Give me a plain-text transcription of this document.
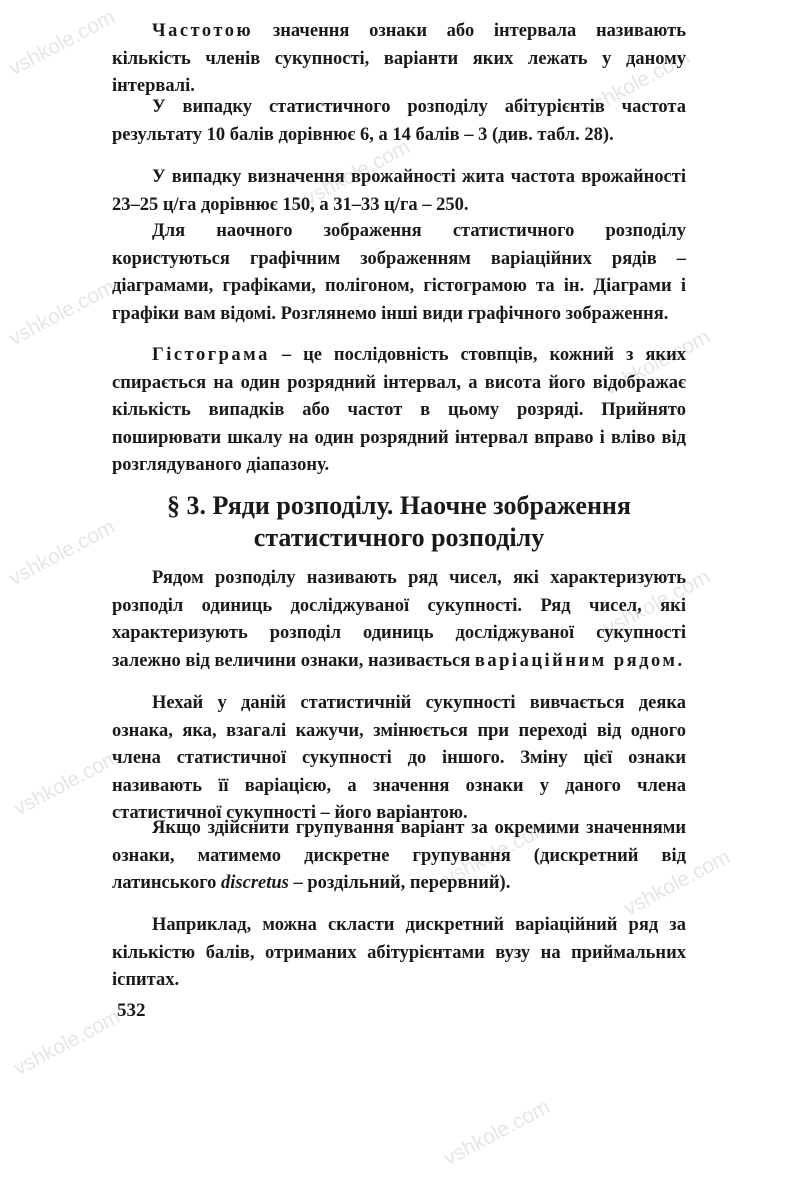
vshkole.com
vshkole.com
vshkole.com
vshkole.com
vshkole.com
vshkole.com
vshkole.com
vshkole.com
vshkole.com	vshkole.com
vshkole.com
vshkole.com

Частотою значення ознаки або інтервала називають кількість членів сукупності, варіанти яких лежать у даному інтервалі.

У випадку статистичного розподілу абітурієнтів частота результату 10 балів дорівнює 6, а 14 балів – 3 (див. табл. 28).

У випадку визначення врожайності жита частота врожайності 23–25 ц/га дорівнює 150, а 31–33 ц/га – 250.

Для наочного зображення статистичного розподілу користуються графічним зображенням варіаційних рядів – діаграмами, графіками, полігоном, гістограмою та ін. Діаграми і графіки вам відомі. Розглянемо інші види графічного зображення.

Гістограма – це послідовність стовпців, кожний з яких спирається на один розрядний інтервал, а висота його відображає кількість випадків або частот в цьому розряді. Прийнято поширювати шкалу на один розрядний інтервал вправо і вліво від розглядуваного діапазону.

§ 3. Ряди розподілу. Наочне зображення
статистичного розподілу

Рядом розподілу називають ряд чисел, які характеризують розподіл одиниць досліджуваної сукупності. Ряд чисел, які характеризують розподіл одиниць досліджуваної сукупності залежно від величини ознаки, називається варіаційним рядом.

Нехай у даній статистичній сукупності вивчається деяка ознака, яка, взагалі кажучи, змінюється при переході від одного члена статистичної сукупності до іншого. Зміну цієї ознаки називають її варіацією, а значення ознаки у даного члена статистичної сукупності – його варіантою.

Якщо здійснити групування варіант за окремими значеннями ознаки, матимемо дискретне групування (дискретний від латинського discretus – роздільний, перервний).

Наприклад, можна скласти дискретний варіаційний ряд за кількістю балів, отриманих абітурієнтами вузу на приймальних іспитах.

532
